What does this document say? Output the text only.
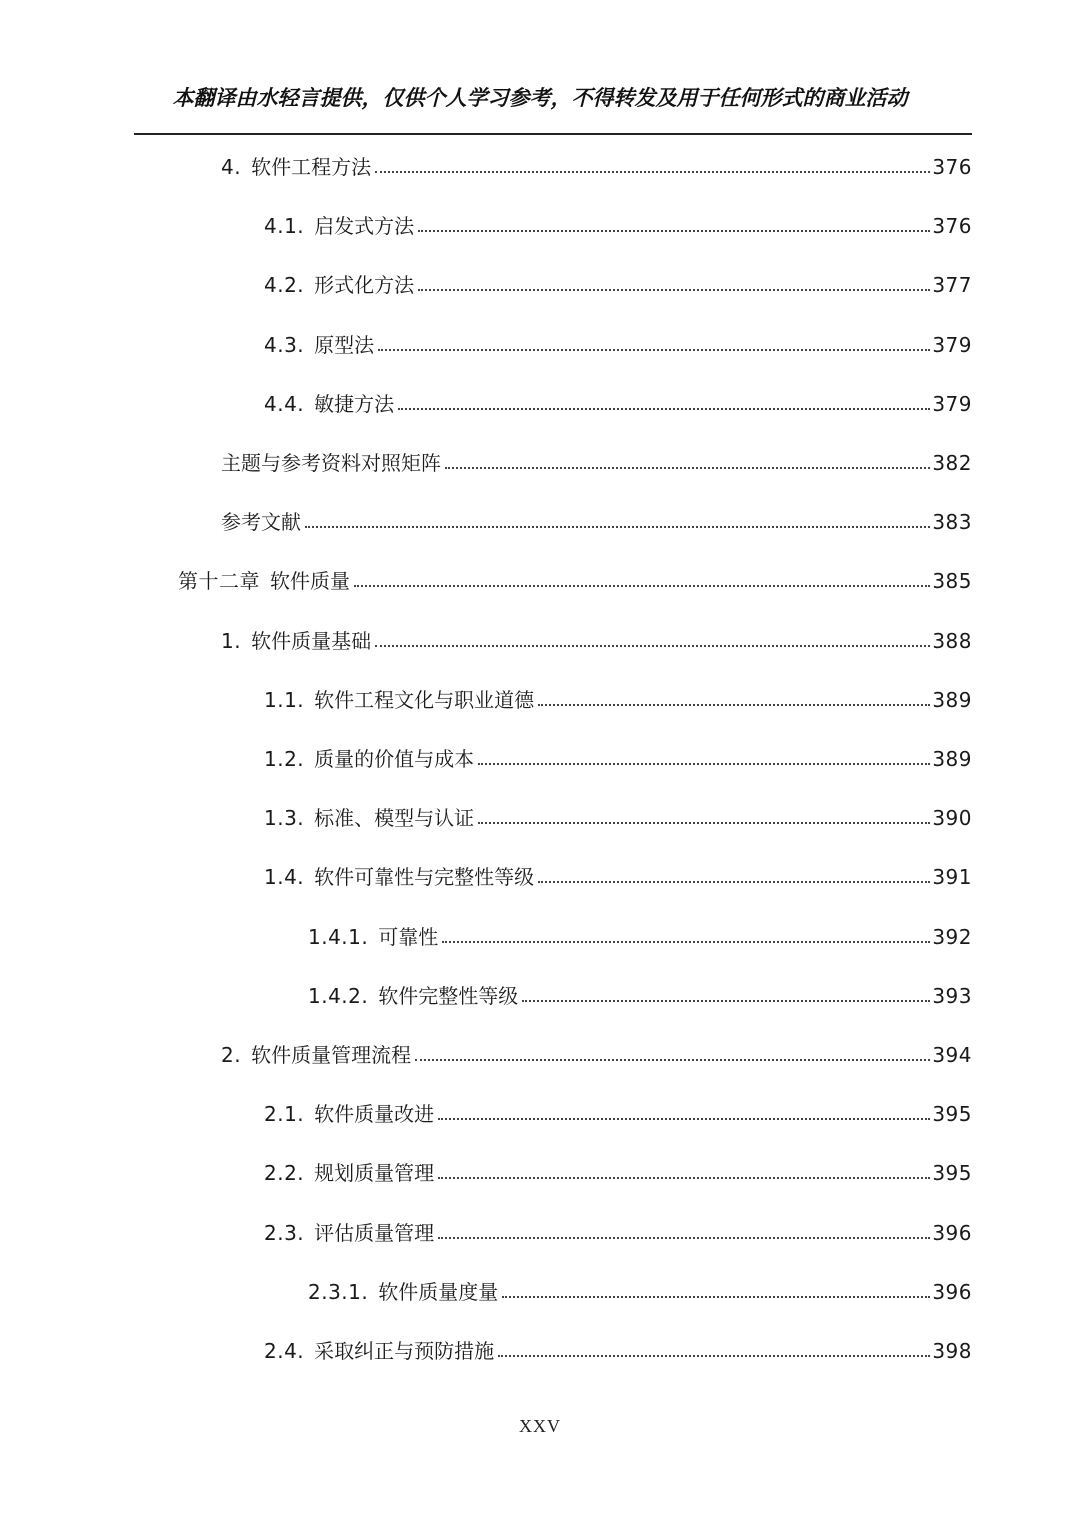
本翻译由水轻言提供，仅供个人学习参考，不得转发及用于任何形式的商业活动
4. 软件工程方法	376
4.1. 启发式方法	376
4.2. 形式化方法	377
4.3. 原型法	379
4.4. 敏捷方法	379
主题与参考资料对照矩阵	382
参考文献	383
第十二章 软件质量	385
1. 软件质量基础	388
1.1. 软件工程文化与职业道德	389
1.2. 质量的价值与成本	389
1.3. 标准、模型与认证	390
1.4. 软件可靠性与完整性等级	391
1.4.1. 可靠性	392
1.4.2. 软件完整性等级	393
2. 软件质量管理流程	394
2.1. 软件质量改进	395
2.2. 规划质量管理	395
2.3. 评估质量管理	396
2.3.1. 软件质量度量	396
2.4. 采取纠正与预防措施	398
XXV
